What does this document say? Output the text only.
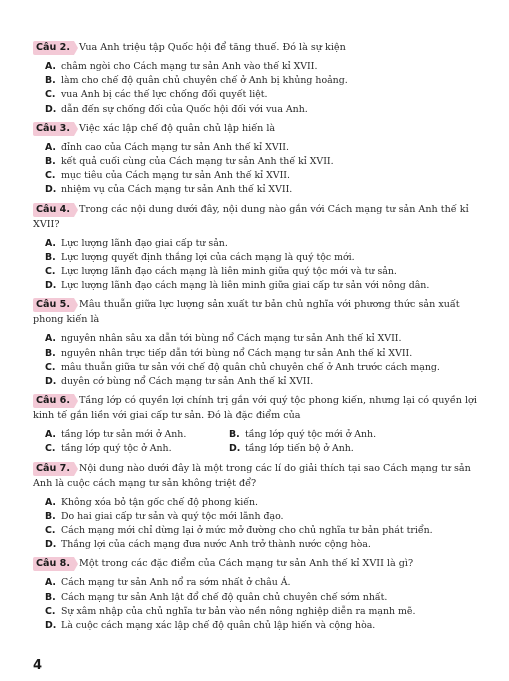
Câu 2. Vua Anh triệu tập Quốc hội để tăng thuế. Đó là sự kiện
A. châm ngòi cho Cách mạng tư sản Anh vào thế kỉ XVII.
B. làm cho chế độ quân chủ chuyên chế ở Anh bị khủng hoảng.
C. vua Anh bị các thế lực chống đối quyết liệt.
D. dẫn đến sự chống đối của Quốc hội đối với vua Anh.
Câu 3. Việc xác lập chế độ quân chủ lập hiến là
A. đỉnh cao của Cách mạng tư sản Anh thế kỉ XVII.
B. kết quả cuối cùng của Cách mạng tư sản Anh thế kỉ XVII.
C. mục tiêu của Cách mạng tư sản Anh thế kỉ XVII.
D. nhiệm vụ của Cách mạng tư sản Anh thế kỉ XVII.
Câu 4. Trong các nội dung dưới đây, nội dung nào gắn với Cách mạng tư sản Anh thế kỉ XVII?
A. Lực lượng lãnh đạo giai cấp tư sản.
B. Lực lượng quyết định thắng lợi của cách mạng là quý tộc mới.
C. Lực lượng lãnh đạo cách mạng là liên minh giữa quý tộc mới và tư sản.
D. Lực lượng lãnh đạo cách mạng là liên minh giữa giai cấp tư sản với nông dân.
Câu 5. Mâu thuẫn giữa lực lượng sản xuất tư bản chủ nghĩa với phương thức sản xuất phong kiến là
A. nguyên nhân sâu xa dẫn tới bùng nổ Cách mạng tư sản Anh thế kỉ XVII.
B. nguyên nhân trực tiếp dẫn tới bùng nổ Cách mạng tư sản Anh thế kỉ XVII.
C. mâu thuẫn giữa tư sản với chế độ quân chủ chuyên chế ở Anh trước cách mạng.
D. duyên cớ bùng nổ Cách mạng tư sản Anh thế kỉ XVII.
Câu 6. Tầng lớp có quyền lợi chính trị gắn với quý tộc phong kiến, nhưng lại có quyền lợi kinh tế gắn liền với giai cấp tư sản. Đó là đặc điểm của
A. tầng lớp tư sản mới ở Anh.	B. tầng lớp quý tộc mới ở Anh.
C. tầng lớp quý tộc ở Anh.	D. tầng lớp tiến bộ ở Anh.
Câu 7. Nội dung nào dưới đây là một trong các lí do giải thích tại sao Cách mạng tư sản Anh là cuộc cách mạng tư sản không triệt để?
A. Không xóa bỏ tận gốc chế độ phong kiến.
B. Do hai giai cấp tư sản và quý tộc mới lãnh đạo.
C. Cách mạng mới chỉ dừng lại ở mức mở đường cho chủ nghĩa tư bản phát triển.
D. Thắng lợi của cách mạng đưa nước Anh trở thành nước cộng hòa.
Câu 8. Một trong các đặc điểm của Cách mạng tư sản Anh thế kỉ XVII là gì?
A. Cách mạng tư sản Anh nổ ra sớm nhất ở châu Á.
B. Cách mạng tư sản Anh lật đổ chế độ quân chủ chuyên chế sớm nhất.
C. Sự xâm nhập của chủ nghĩa tư bản vào nền nông nghiệp diễn ra mạnh mẽ.
D. Là cuộc cách mạng xác lập chế độ quân chủ lập hiến và cộng hòa.
4
